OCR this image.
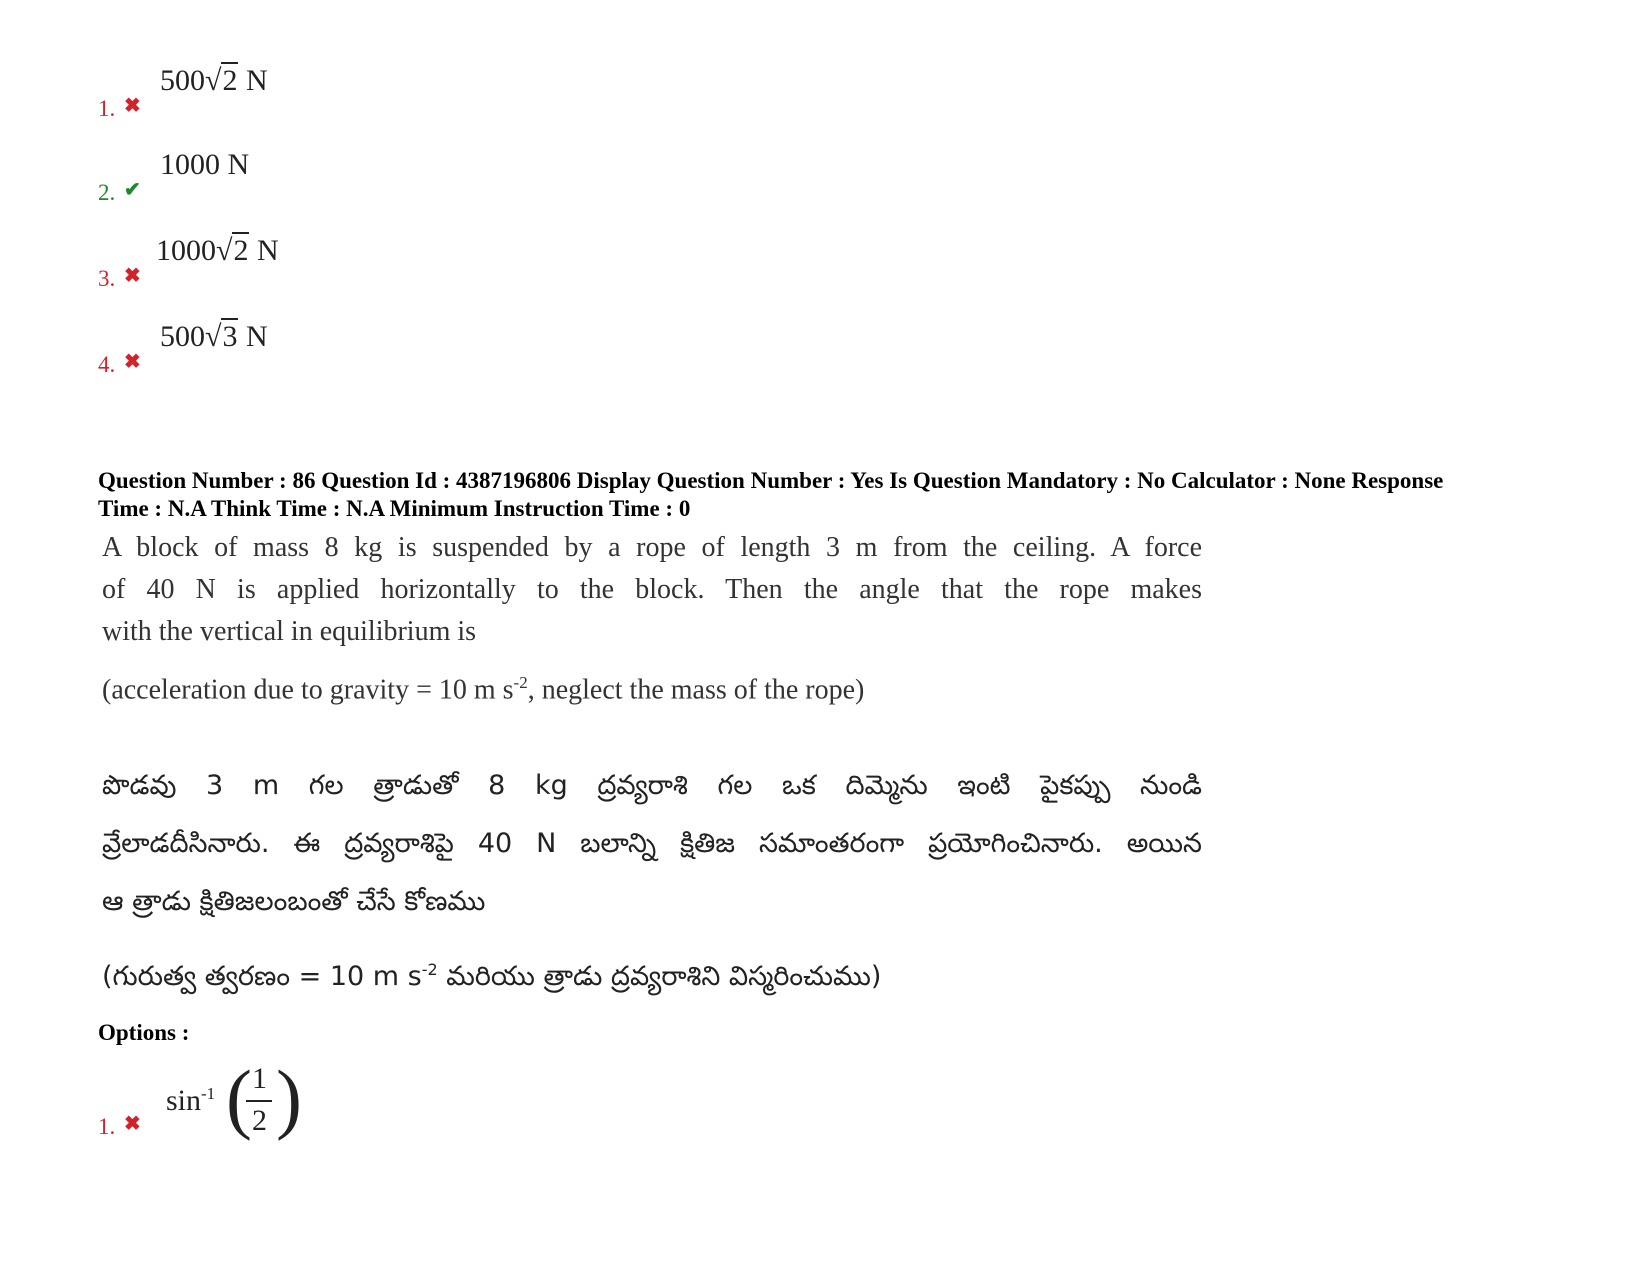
1. ✖
500√2 N
2. ✔
1000 N
3. ✖
1000√2 N
4. ✖
500√3 N
Question Number : 86 Question Id : 4387196806 Display Question Number : Yes Is Question Mandatory : No Calculator : None Response
Time : N.A Think Time : N.A Minimum Instruction Time : 0
A block of mass 8 kg is suspended by a rope of length 3 m from the ceiling. A force
of 40 N is applied horizontally to the block. Then the angle that the rope makes
with the vertical in equilibrium is
(acceleration due to gravity = 10 m $s^{-2}$, neglect the mass of the rope)
పొడవు 3 m గల త్రాడుతో 8 kg ద్రవ్యరాశి గల ఒక దిమ్మెను ఇంటి పైకప్పు నుండి
వ్రేలాడదీసినారు. ఈ ద్రవ్యరాశిపై 40 N బలాన్ని క్షితిజ సమాంతరంగా ప్రయోగించినారు. అయిన
ఆ త్రాడు క్షితిజలంబంతో చేసే కోణము
(గురుత్వ త్వరణం = 10 m $s^{-2}$ మరియు త్రాడు ద్రవ్యరాశిని విస్మరించుము)
Options :
1. ✖
$\sin^{-1}$ ( 1
2 )
